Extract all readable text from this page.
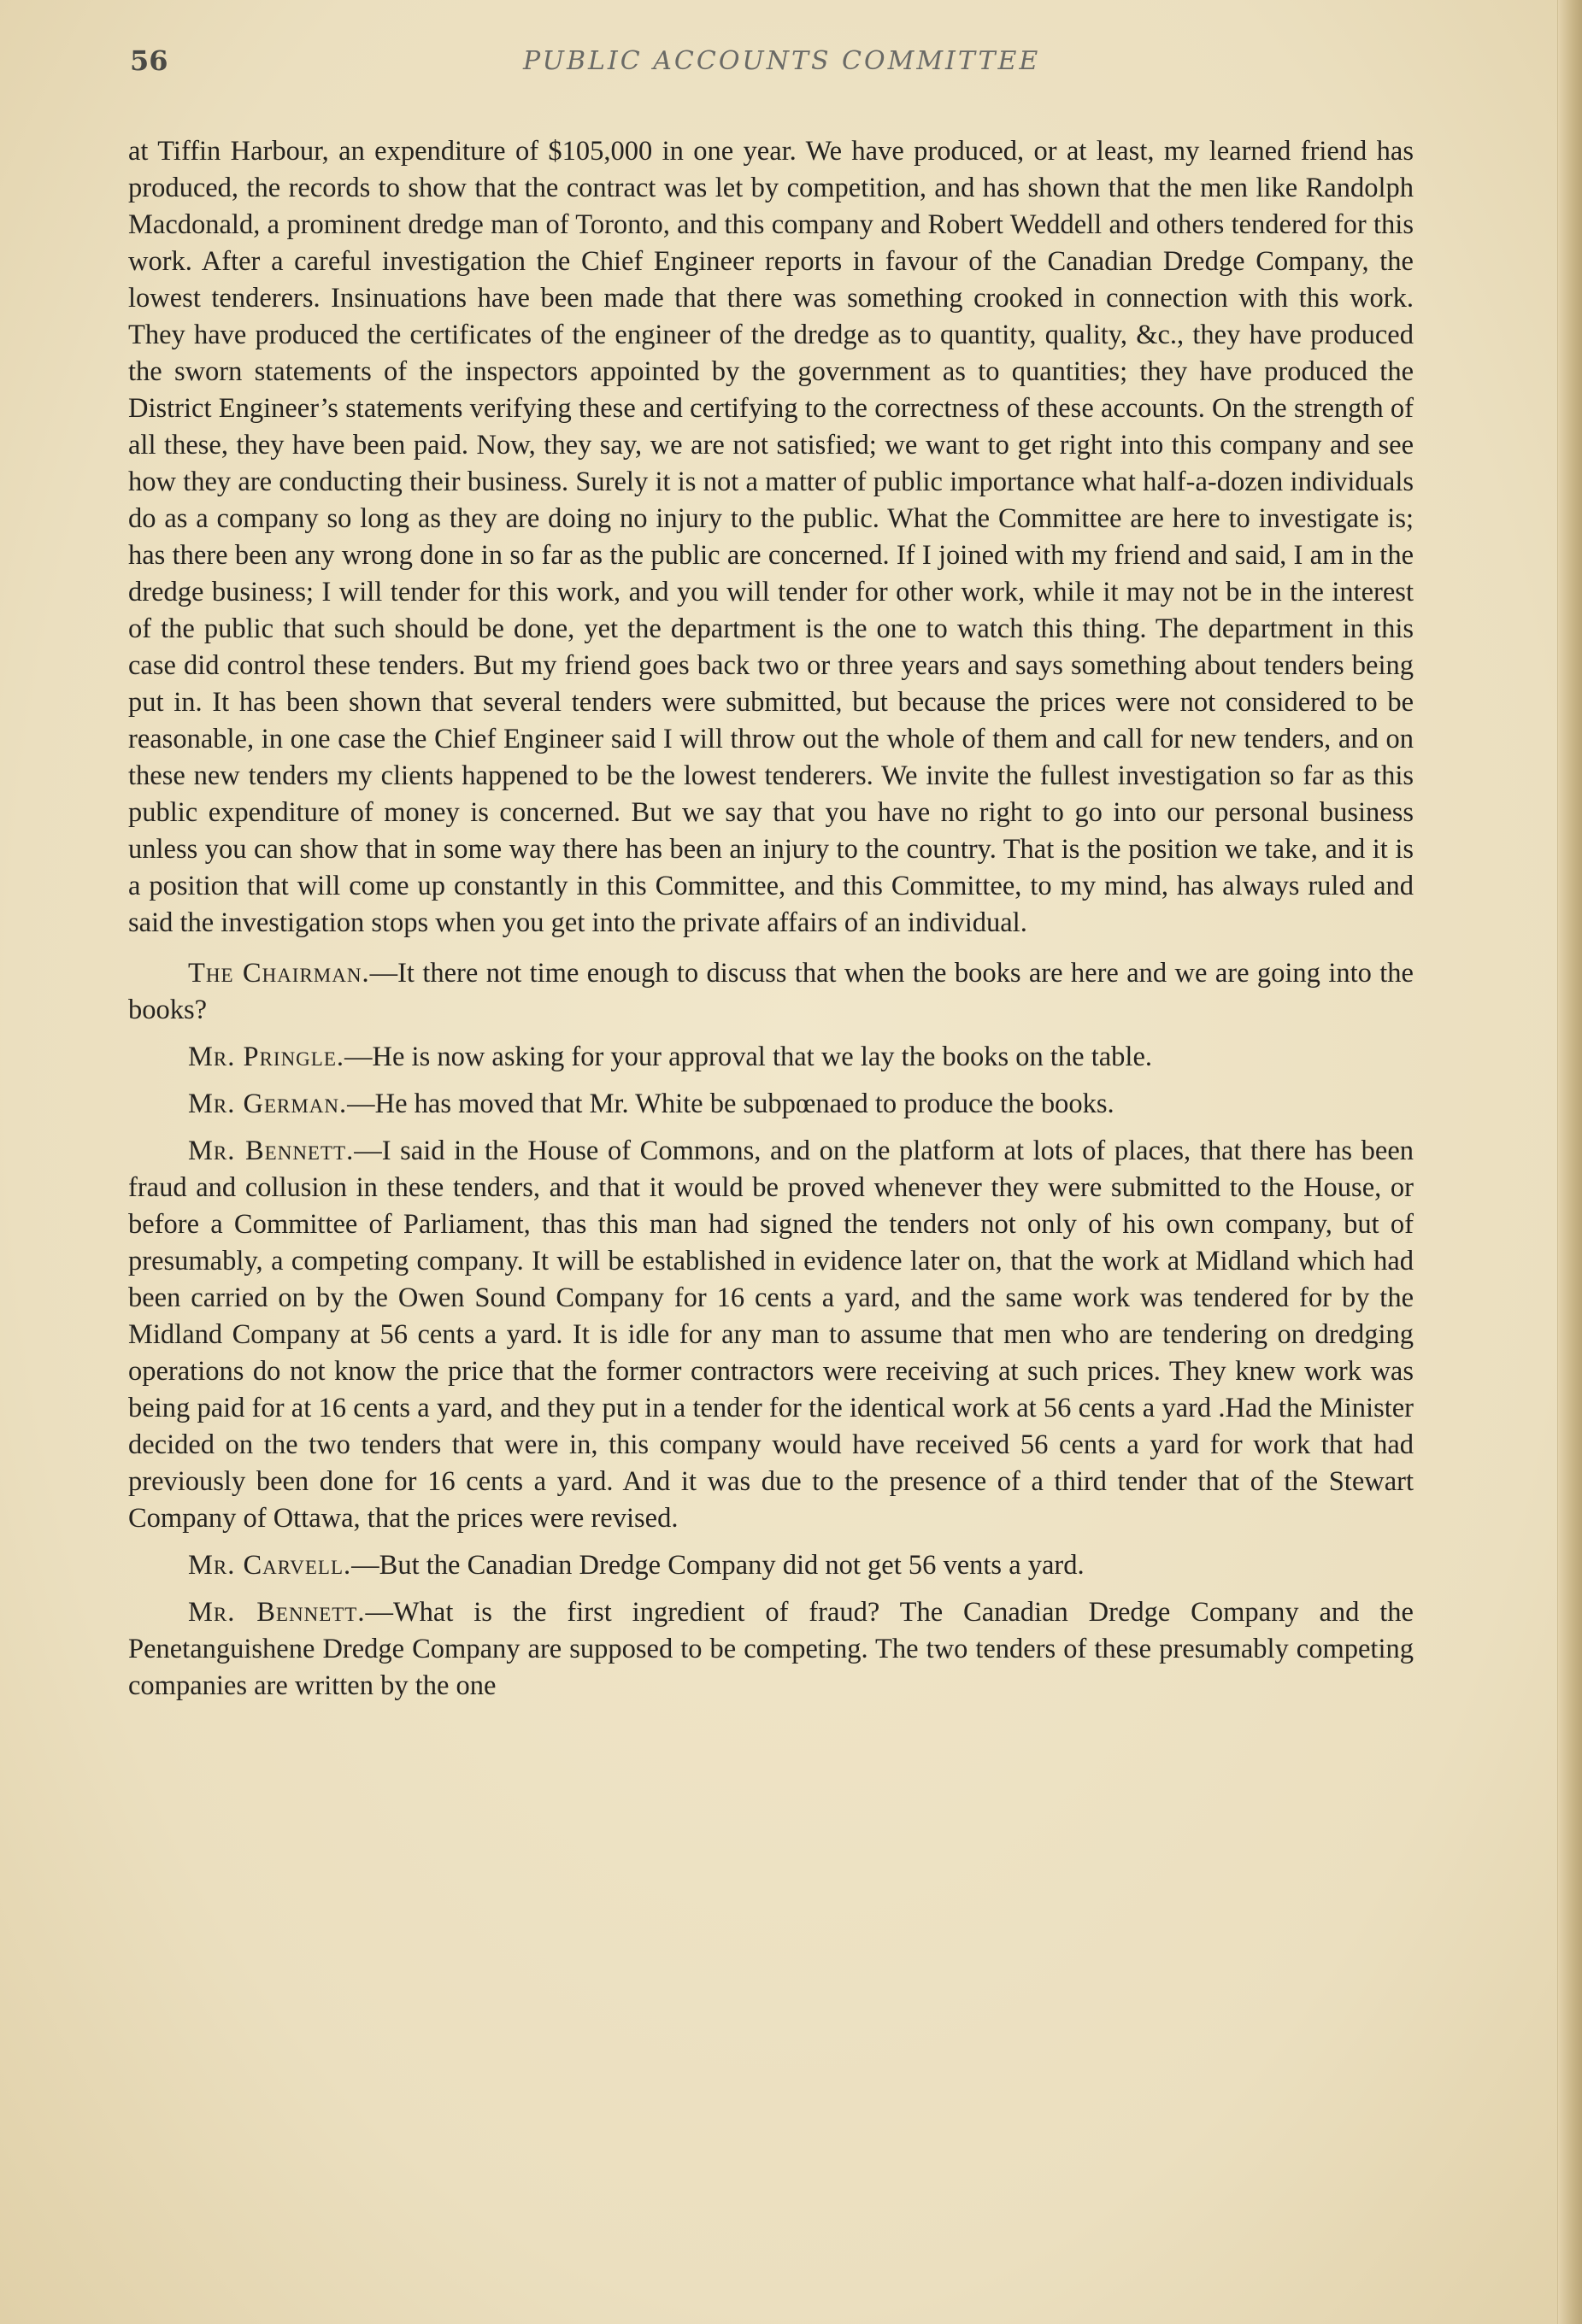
56	PUBLIC ACCOUNTS COMMITTEE

at Tiffin Harbour, an expenditure of $105,000 in one year. We have produced, or at least, my learned friend has produced, the records to show that the contract was let by competition, and has shown that the men like Randolph Macdonald, a prominent dredge man of Toronto, and this company and Robert Weddell and others tendered for this work. After a careful investigation the Chief Engineer reports in favour of the Canadian Dredge Company, the lowest tenderers. Insinuations have been made that there was something crooked in connection with this work. They have produced the certificates of the engineer of the dredge as to quantity, quality, &c., they have produced the sworn statements of the inspectors appointed by the government as to quantities; they have produced the District Engineer’s statements verifying these and certifying to the correctness of these accounts. On the strength of all these, they have been paid. Now, they say, we are not satisfied; we want to get right into this company and see how they are conducting their business. Surely it is not a matter of public importance what half-a-dozen individuals do as a company so long as they are doing no injury to the public. What the Committee are here to investigate is; has there been any wrong done in so far as the public are concerned. If I joined with my friend and said, I am in the dredge business; I will tender for this work, and you will tender for other work, while it may not be in the interest of the public that such should be done, yet the department is the one to watch this thing. The department in this case did control these tenders. But my friend goes back two or three years and says something about tenders being put in. It has been shown that several tenders were submitted, but because the prices were not considered to be reasonable, in one case the Chief Engineer said I will throw out the whole of them and call for new tenders, and on these new tenders my clients happened to be the lowest tenderers. We invite the fullest investigation so far as this public expenditure of money is concerned. But we say that you have no right to go into our personal business unless you can show that in some way there has been an injury to the country. That is the position we take, and it is a position that will come up constantly in this Committee, and this Committee, to my mind, has always ruled and said the investigation stops when you get into the private affairs of an individual.

The Chairman.—It there not time enough to discuss that when the books are here and we are going into the books?

Mr. Pringle.—He is now asking for your approval that we lay the books on the table.

Mr. German.—He has moved that Mr. White be subpœnaed to produce the books.

Mr. Bennett.—I said in the House of Commons, and on the platform at lots of places, that there has been fraud and collusion in these tenders, and that it would be proved whenever they were submitted to the House, or before a Committee of Parliament, thas this man had signed the tenders not only of his own company, but of presumably, a competing company. It will be established in evidence later on, that the work at Midland which had been carried on by the Owen Sound Company for 16 cents a yard, and the same work was tendered for by the Midland Company at 56 cents a yard. It is idle for any man to assume that men who are tendering on dredging operations do not know the price that the former contractors were receiving at such prices. They knew work was being paid for at 16 cents a yard, and they put in a tender for the identical work at 56 cents a yard .Had the Minister decided on the two tenders that were in, this company would have received 56 cents a yard for work that had previously been done for 16 cents a yard. And it was due to the presence of a third tender that of the Stewart Company of Ottawa, that the prices were revised.

Mr. Carvell.—But the Canadian Dredge Company did not get 56 vents a yard.

Mr. Bennett.—What is the first ingredient of fraud? The Canadian Dredge Company and the Penetanguishene Dredge Company are supposed to be competing. The two tenders of these presumably competing companies are written by the one
